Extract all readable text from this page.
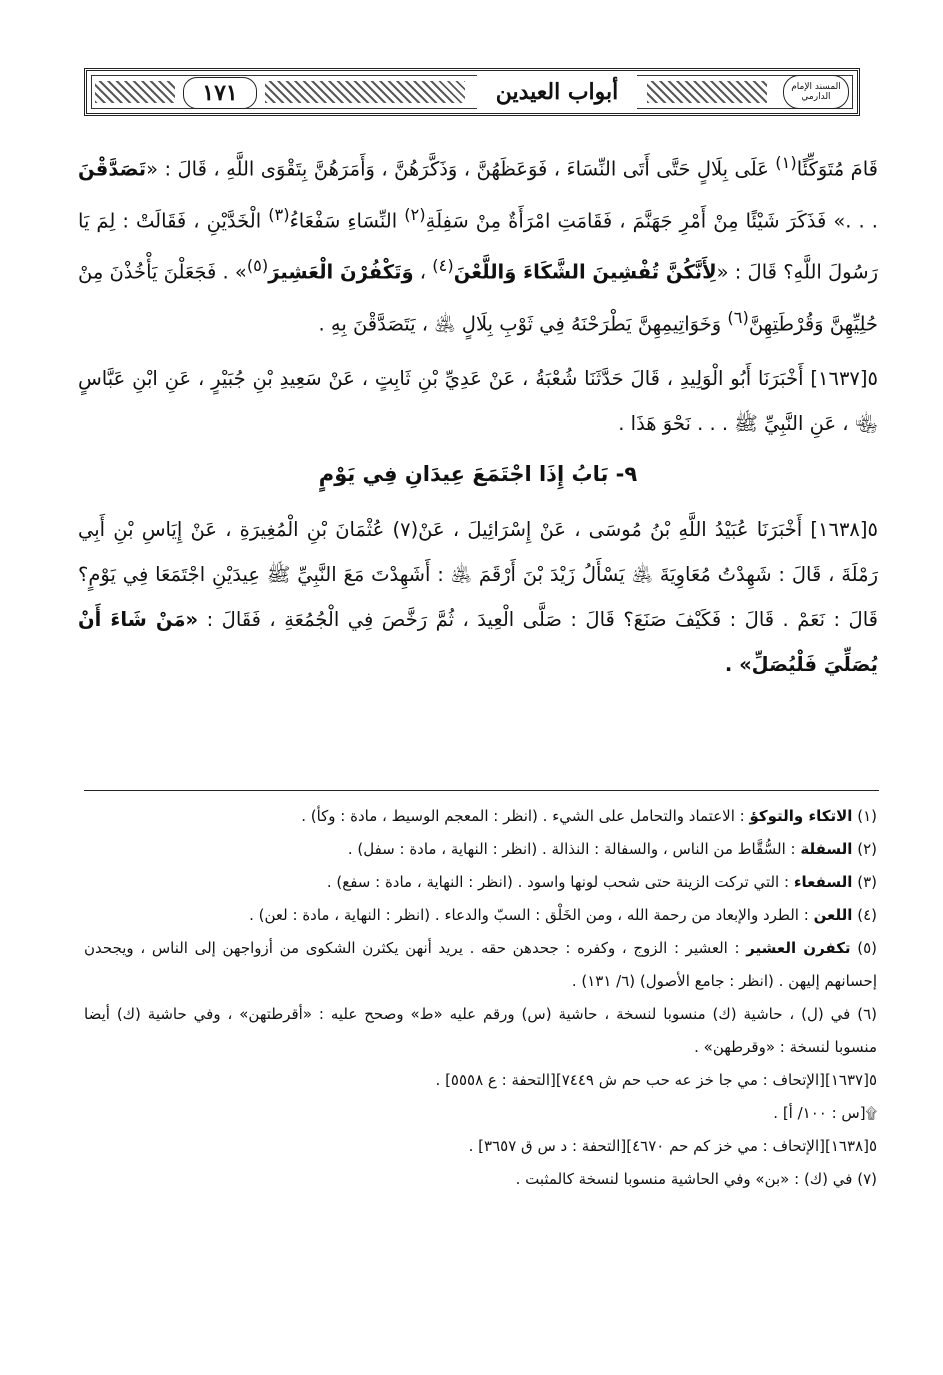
١٧١	أبواب العيدين	المسند الإمام الدارمي

قَامَ مُتَوَكِّئًا$^{(١)}$ عَلَى بِلَالٍ حَتَّى أَتَى النِّسَاءَ ، فَوَعَظَهُنَّ ، وَذَكَّرَهُنَّ ، وَأَمَرَهُنَّ بِتَقْوَى اللَّهِ ، قَالَ : «تَصَدَّقْنَ . . .» فَذَكَرَ شَيْئًا مِنْ أَمْرِ جَهَنَّمَ ، فَقَامَتِ امْرَأَةٌ مِنْ سَفِلَةِ$^{(٢)}$ النِّسَاءِ سَفْعَاءُ$^{(٣)}$ الْخَدَّيْنِ ، فَقَالَتْ : لِمَ يَا رَسُولَ اللَّهِ؟ قَالَ : «لِأَنَّكُنَّ تُفْشِينَ الشَّكَاءَ وَاللَّعْنَ$^{(٤)}$ ، وَتَكْفُرْنَ الْعَشِيرَ$^{(٥)}$» . فَجَعَلْنَ يَأْخُذْنَ مِنْ حُلِيِّهِنَّ وَقُرْطَتِهِنَّ$^{(٦)}$ وَخَوَاتِيمِهِنَّ يَطْرَحْنَهُ فِي ثَوْبِ بِلَالٍ ﵁ ، يَتَصَدَّقْنَ بِهِ .

٥[١٦٣٧] أَخْبَرَنَا أَبُو الْوَلِيدِ ، قَالَ حَدَّثَنَا شُعْبَةُ ، عَنْ عَدِيِّ بْنِ ثَابِتٍ ، عَنْ سَعِيدِ بْنِ جُبَيْرٍ ، عَنِ ابْنِ عَبَّاسٍ ﵄ ، عَنِ النَّبِيِّ ﷺ . . . نَحْوَ هَذَا .

٩- بَابُ إِذَا اجْتَمَعَ عِيدَانِ فِي يَوْمٍ

٥[١٦٣٨] أَخْبَرَنَا عُبَيْدُ اللَّهِ بْنُ مُوسَى ، عَنْ إِسْرَائِيلَ ، عَنْ(٧) عُثْمَانَ بْنِ الْمُغِيرَةِ ، عَنْ إِيَاسِ بْنِ أَبِي رَمْلَةَ ، قَالَ : شَهِدْتُ مُعَاوِيَةَ ﵁ يَسْأَلُ زَيْدَ بْنَ أَرْقَمَ ﵁ : أَشَهِدْتَ مَعَ النَّبِيِّ ﷺ عِيدَيْنِ اجْتَمَعَا فِي يَوْمٍ؟ قَالَ : نَعَمْ . قَالَ : فَكَيْفَ صَنَعَ؟ قَالَ : صَلَّى الْعِيدَ ، ثُمَّ رَخَّصَ فِي الْجُمُعَةِ ، فَقَالَ : «مَنْ شَاءَ أَنْ يُصَلِّيَ فَلْيُصَلِّ» .

(١) الاتكاء والتوكؤ : الاعتماد والتحامل على الشيء . (انظر : المعجم الوسيط ، مادة : وكأ) .

(٢) السفلة : السُّقَّاط من الناس ، والسفالة : النذالة . (انظر : النهاية ، مادة : سفل) .

(٣) السفعاء : التي تركت الزينة حتى شحب لونها واسود . (انظر : النهاية ، مادة : سفع) .

(٤) اللعن : الطرد والإبعاد من رحمة الله ، ومن الخَلْق : السبّ والدعاء . (انظر : النهاية ، مادة : لعن) .

(٥) تكفرن العشير : العشير : الزوج ، وكفره : جحدهن حقه . يريد أنهن يكثرن الشكوى من أزواجهن إلى الناس ، ويجحدن إحسانهم إليهن . (انظر : جامع الأصول) (٦/ ١٣١) .

(٦) في (ل) ، حاشية (ك) منسوبا لنسخة ، حاشية (س) ورقم عليه «ط» وصحح عليه : «أقرطتهن» ، وفي حاشية (ك) أيضا منسوبا لنسخة : «وقرطهن» .

٥[١٦٣٧][الإتحاف : مي جا خز عه حب حم ش ٧٤٤٩][التحفة : ع ٥٥٥٨] .

۩[س : ١٠٠/ أ] .

٥[١٦٣٨][الإتحاف : مي خز كم حم ٤٦٧٠][التحفة : د س ق ٣٦٥٧] .

(٧) في (ك) : «بن» وفي الحاشية منسوبا لنسخة كالمثبت .
